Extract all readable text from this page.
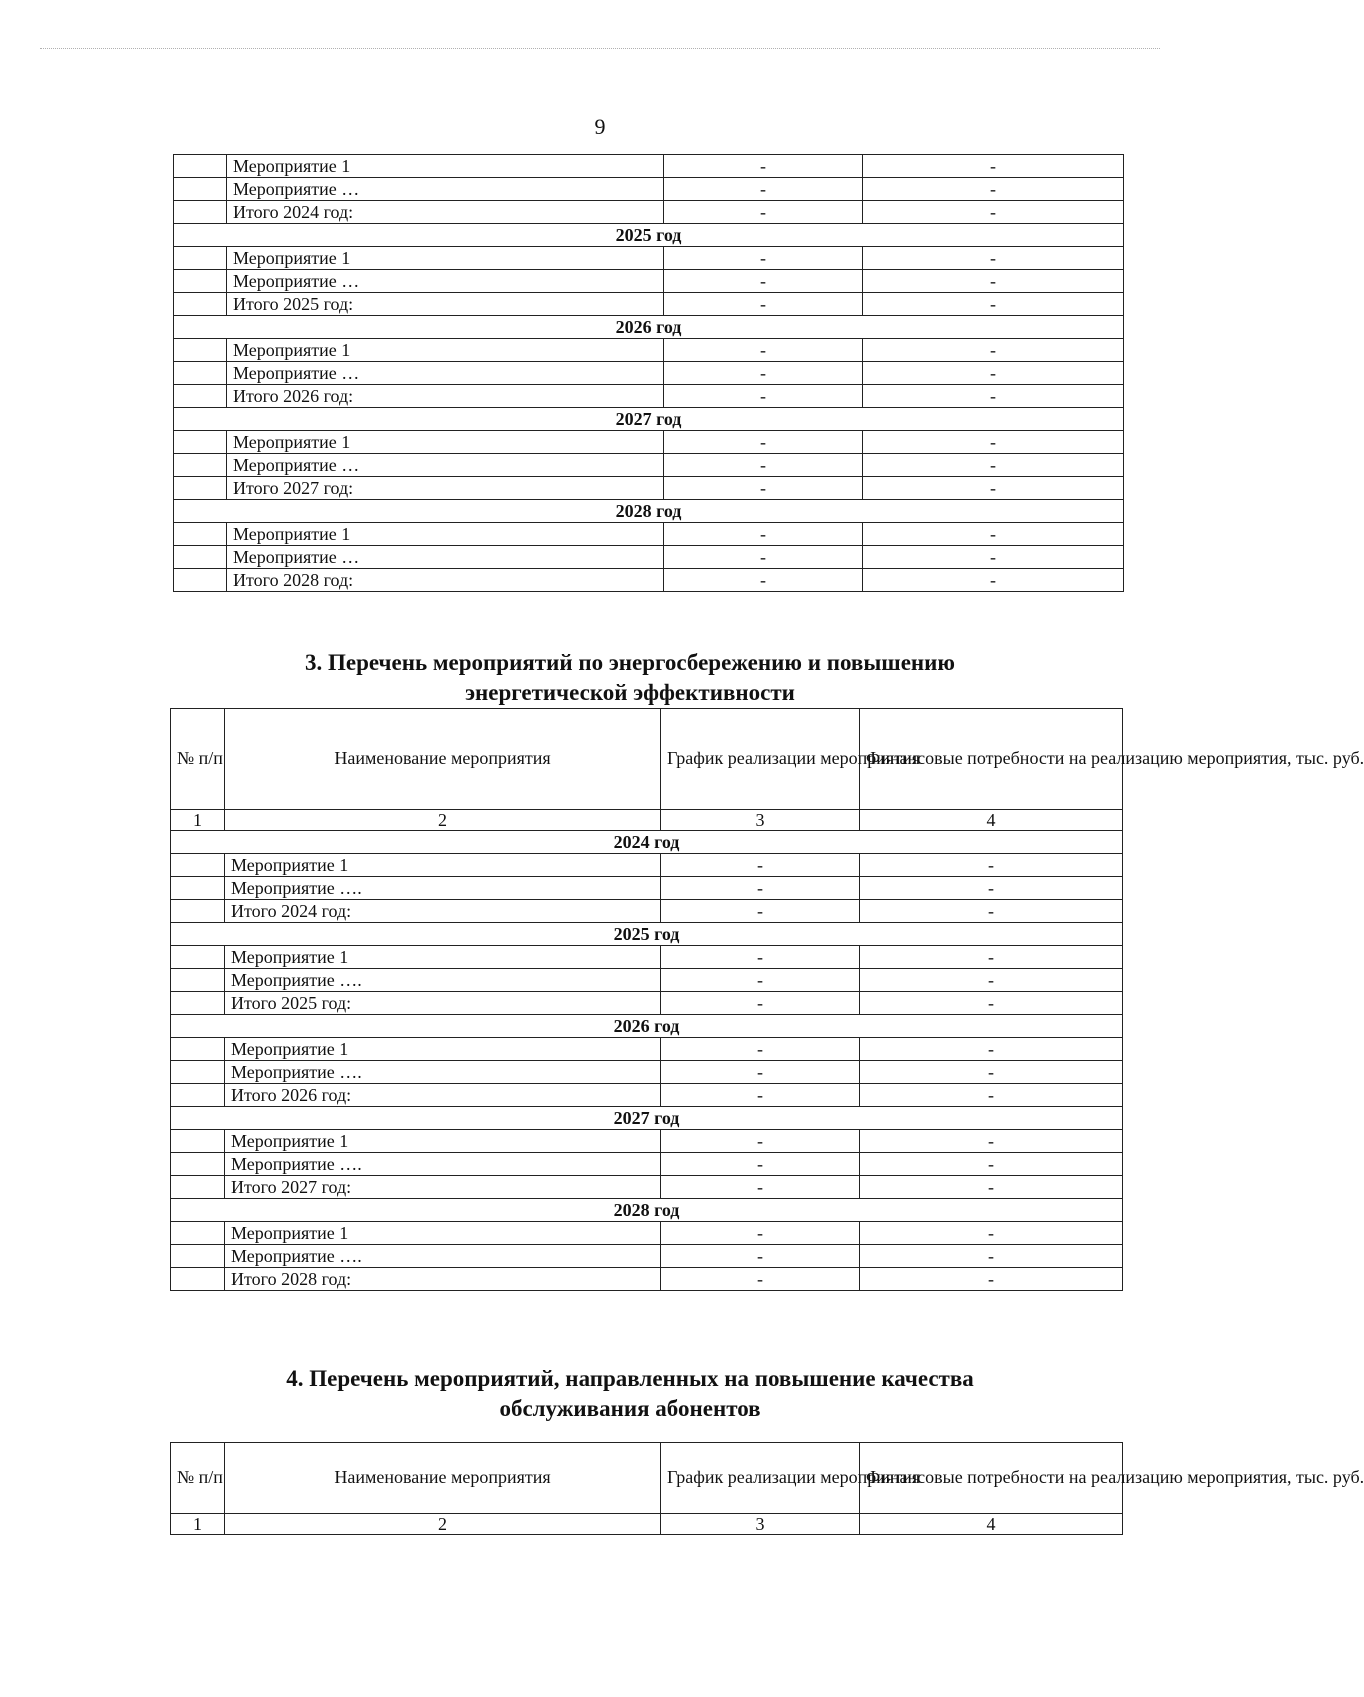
9
	Мероприятие 1	-	-
	Мероприятие …	-	-
	Итого 2024 год:	-	-
2025 год			
	Мероприятие 1	-	-
	Мероприятие …	-	-
	Итого 2025 год:	-	-
2026 год			
	Мероприятие 1	-	-
	Мероприятие …	-	-
	Итого 2026 год:	-	-
2027 год			
	Мероприятие 1	-	-
	Мероприятие …	-	-
	Итого 2027 год:	-	-
2028 год			
	Мероприятие 1	-	-
	Мероприятие …	-	-
	Итого 2028 год:	-	-
3. Перечень мероприятий по энергосбережению и повышению
энергетической эффективности
№ п/п	Наименование мероприятия	График реализации мероприятия	Финансовые потребности на реализацию мероприятия, тыс. руб.
1	2	3	4
2024 год			
	Мероприятие 1	-	-
	Мероприятие ….	-	-
	Итого 2024 год:	-	-
2025 год			
	Мероприятие 1	-	-
	Мероприятие ….	-	-
	Итого 2025 год:	-	-
2026 год			
	Мероприятие 1	-	-
	Мероприятие ….	-	-
	Итого 2026 год:	-	-
2027 год			
	Мероприятие 1	-	-
	Мероприятие ….	-	-
	Итого 2027 год:	-	-
2028 год			
	Мероприятие 1	-	-
	Мероприятие ….	-	-
	Итого 2028 год:	-	-
4. Перечень мероприятий, направленных на повышение качества
обслуживания абонентов
№ п/п	Наименование мероприятия	График реализации мероприятия	Финансовые потребности на реализацию мероприятия, тыс. руб.
1	2	3	4
